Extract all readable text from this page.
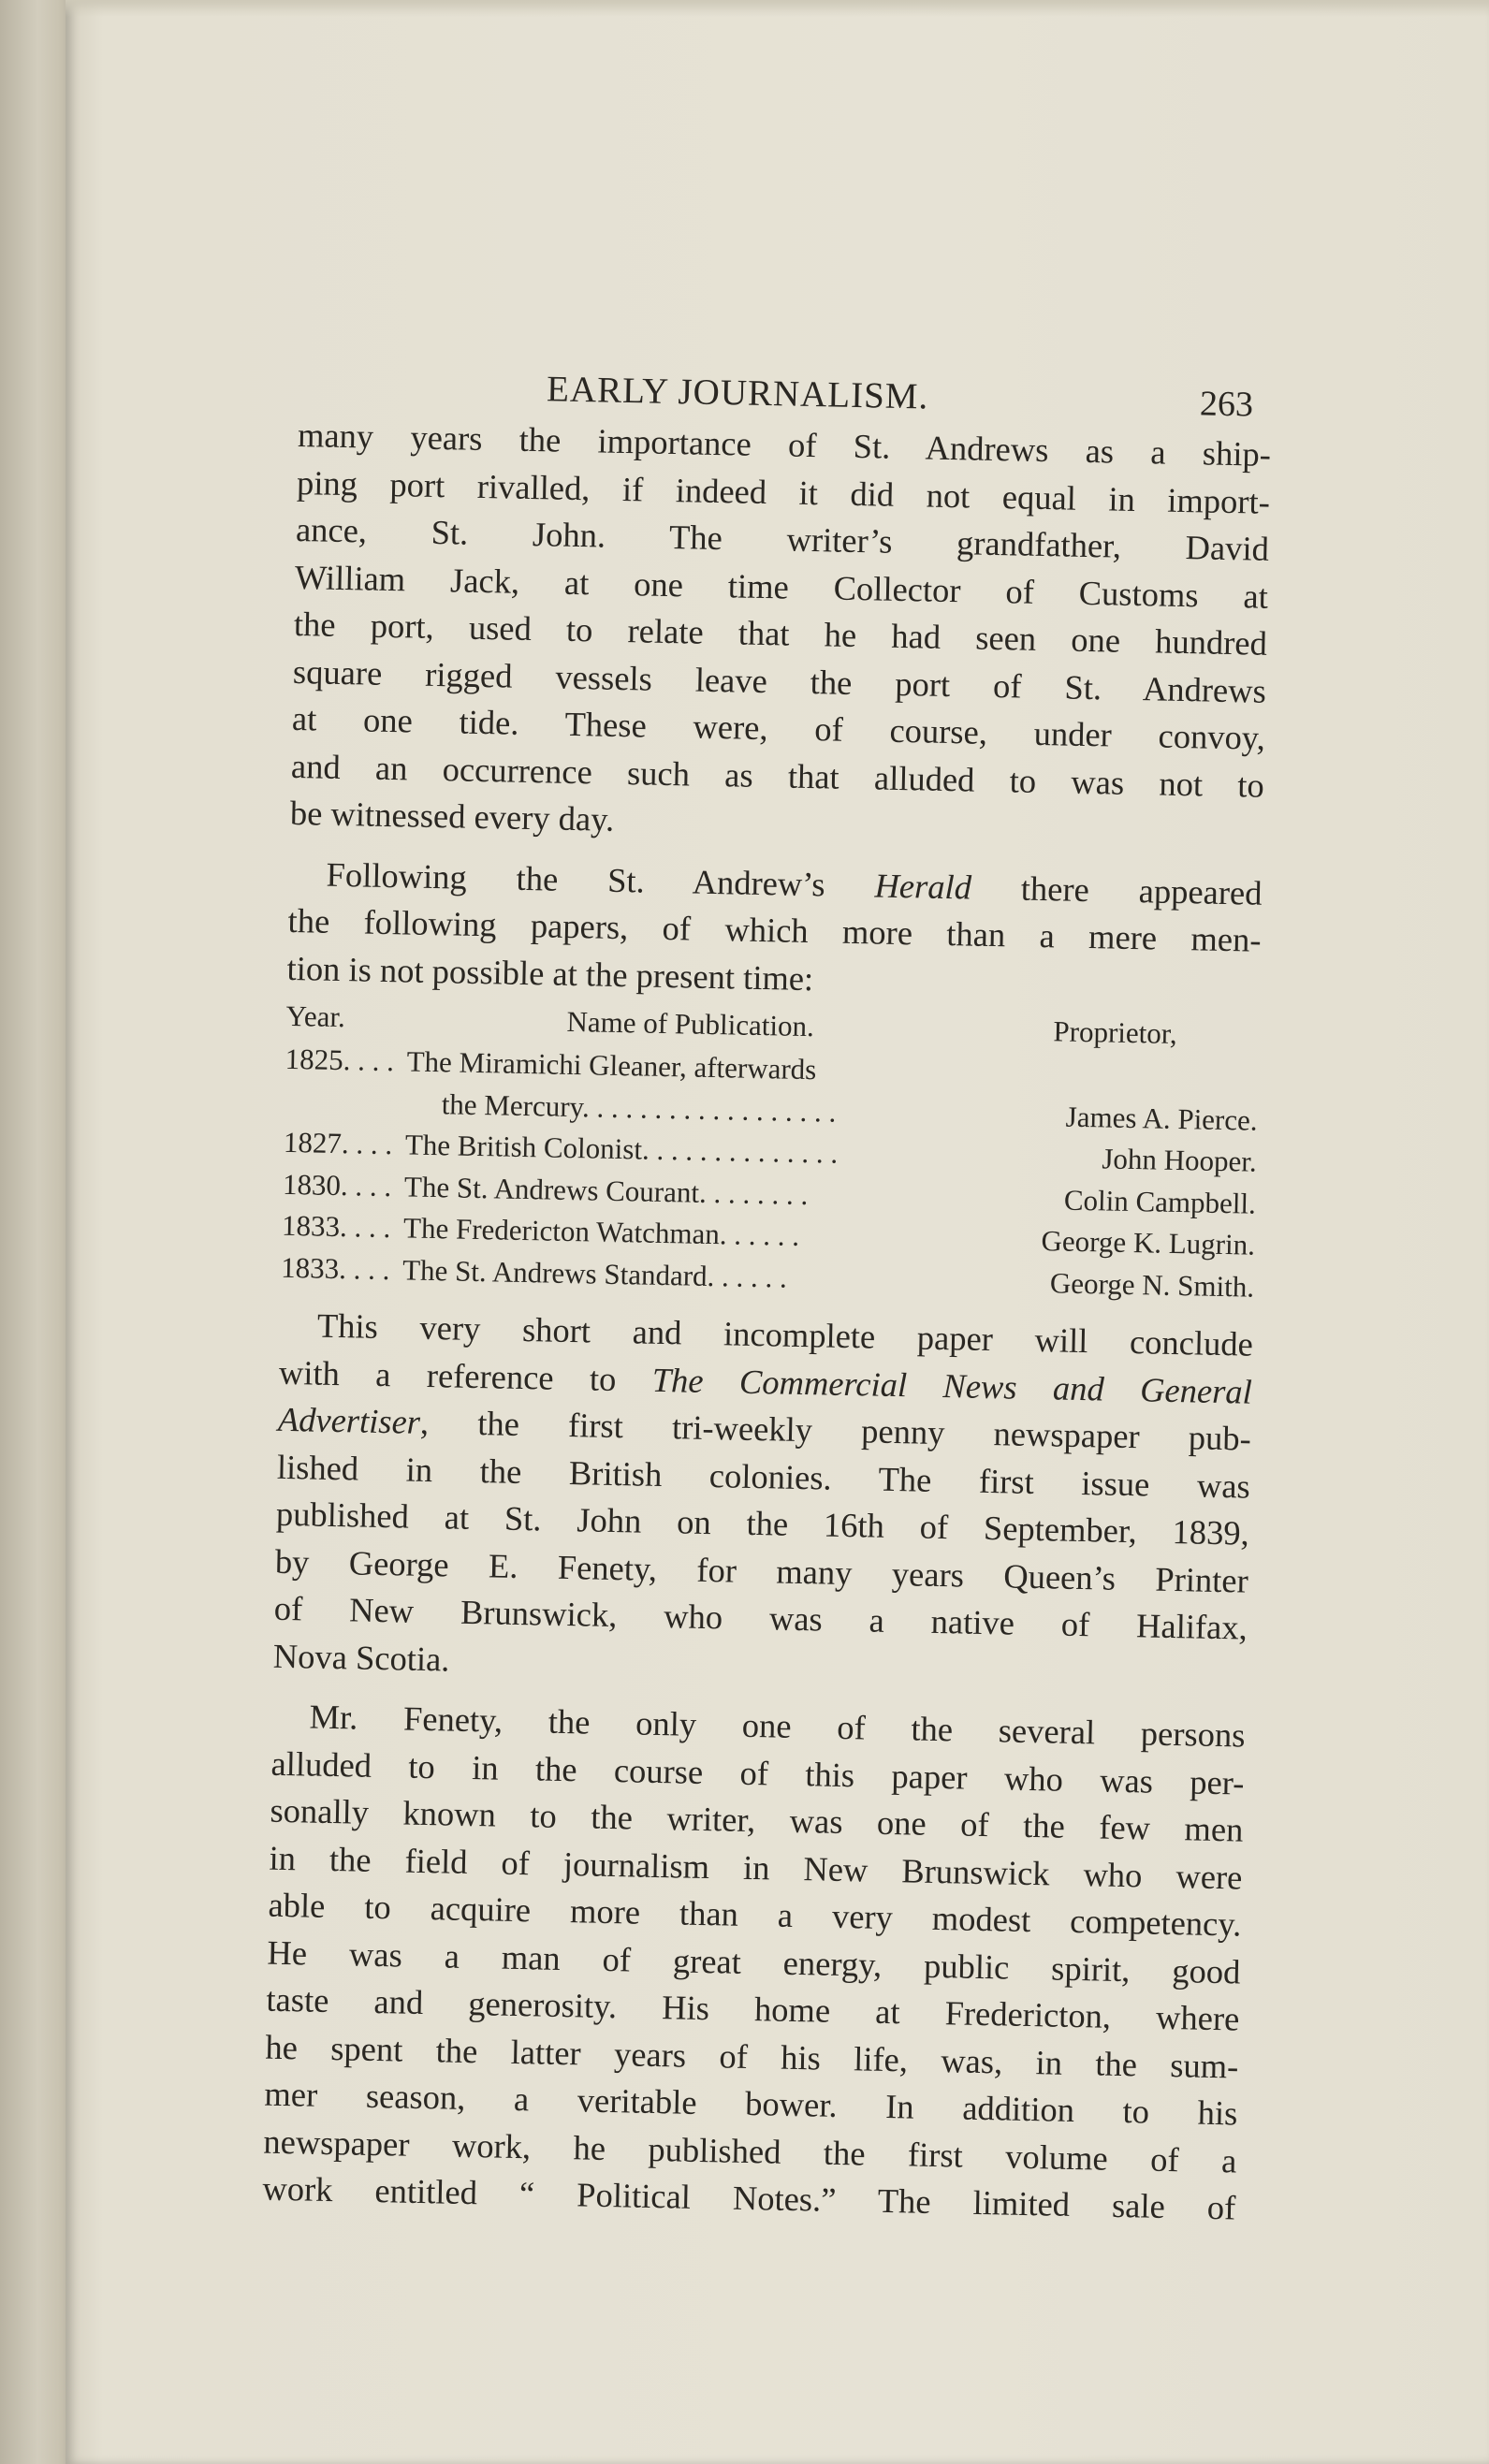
EARLY JOURNALISM.	263
many years the importance of St. Andrews as a ship-
ping port rivalled, if indeed it did not equal in import-
ance, St. John. The writer’s grandfather, David
William Jack, at one time Collector of Customs at
the port, used to relate that he had seen one hundred
square rigged vessels leave the port of St. Andrews
at one tide. These were, of course, under convoy,
and an occurrence such as that alluded to was not to
be witnessed every day.
Following the St. Andrew’s Herald there appeared
the following papers, of which more than a mere men-
tion is not possible at the present time:
Year.	Name of Publication.	Proprietor,
1825. . . . The Miramichi Gleaner, afterwards
the Mercury. . . . . . . . . . . . . . . . . .	James A. Pierce.
1827. . . . The British Colonist. . . . . . . . . . . . . .	John Hooper.
1830. . . . The St. Andrews Courant. . . . . . . .	Colin Campbell.
1833. . . . The Fredericton Watchman. . . . . .	George K. Lugrin.
1833. . . . The St. Andrews Standard. . . . . .	George N. Smith.
This very short and incomplete paper will conclude
with a reference to The Commercial News and General
Advertiser, the first tri-weekly penny newspaper pub-
lished in the British colonies. The first issue was
published at St. John on the 16th of September, 1839,
by George E. Fenety, for many years Queen’s Printer
of New Brunswick, who was a native of Halifax,
Nova Scotia.
Mr. Fenety, the only one of the several persons
alluded to in the course of this paper who was per-
sonally known to the writer, was one of the few men
in the field of journalism in New Brunswick who were
able to acquire more than a very modest competency.
He was a man of great energy, public spirit, good
taste and generosity. His home at Fredericton, where
he spent the latter years of his life, was, in the sum-
mer season, a veritable bower. In addition to his
newspaper work, he published the first volume of a
work entitled “ Political Notes.” The limited sale of
